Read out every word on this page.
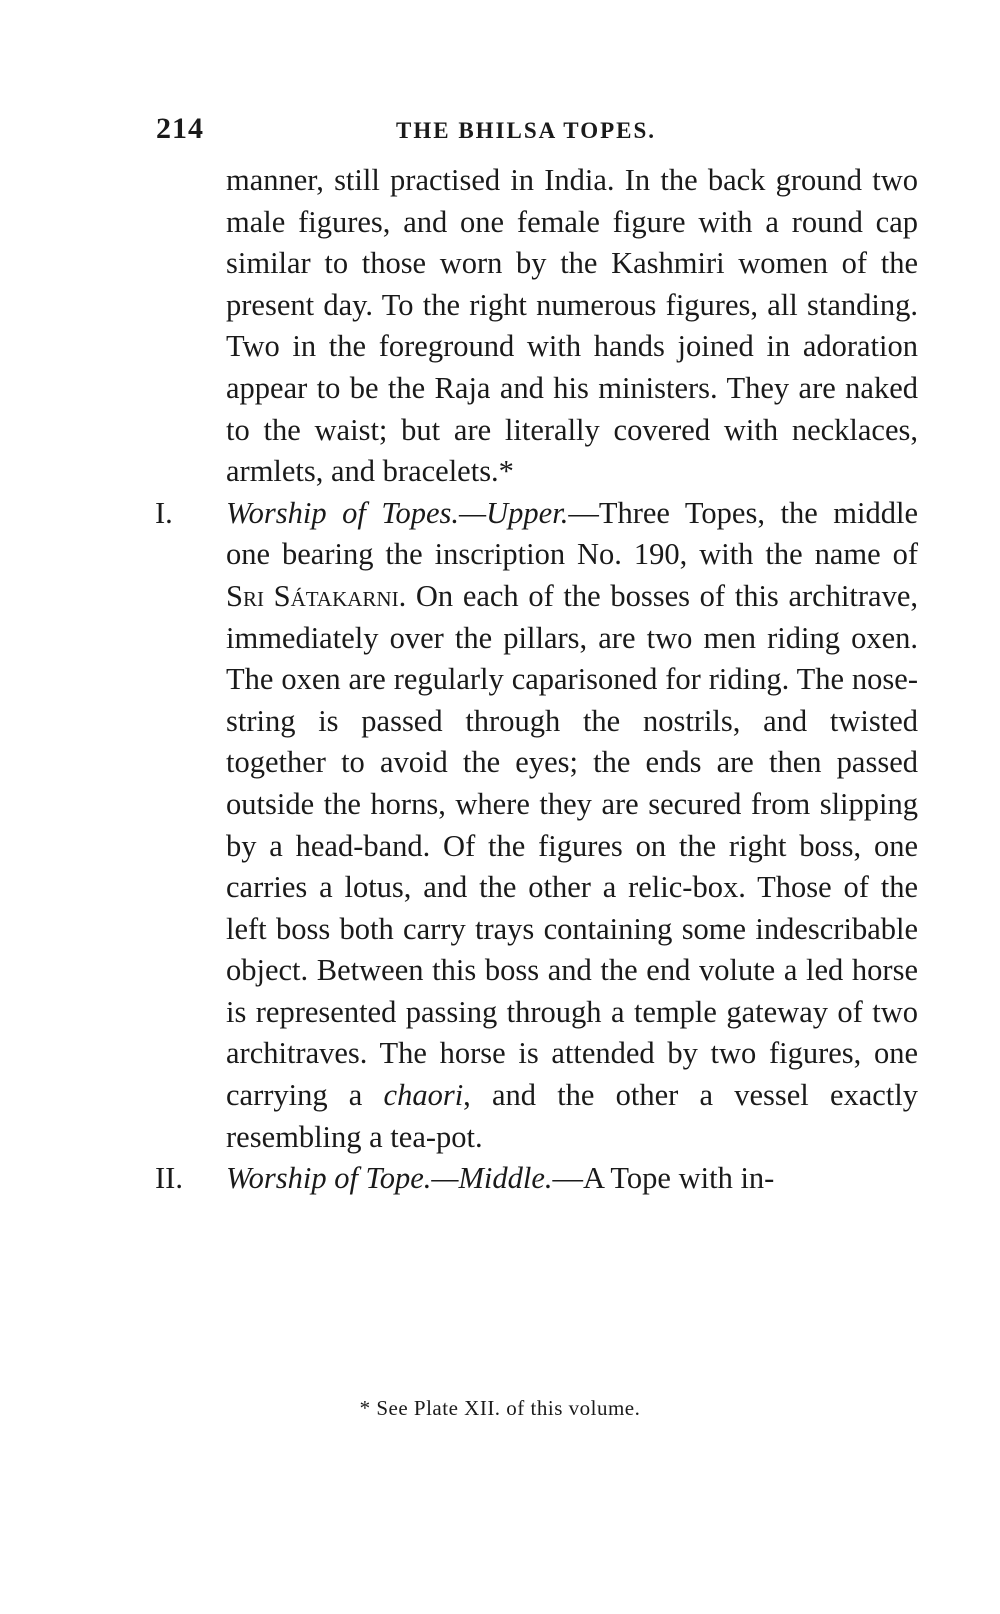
214	THE BHILSA TOPES.

manner, still practised in India. In the back ground two male figures, and one female figure with a round cap similar to those worn by the Kashmiri women of the present day. To the right numerous figures, all standing. Two in the foreground with hands joined in adoration appear to be the Raja and his ministers. They are naked to the waist; but are literally covered with necklaces, armlets, and bracelets.*

I. Worship of Topes.—Upper.—Three Topes, the middle one bearing the inscription No. 190, with the name of Sri Sátakarni. On each of the bosses of this architrave, immediately over the pillars, are two men riding oxen. The oxen are regularly caparisoned for riding. The nose-string is passed through the nostrils, and twisted together to avoid the eyes; the ends are then passed outside the horns, where they are secured from slipping by a head-band. Of the figures on the right boss, one carries a lotus, and the other a relic-box. Those of the left boss both carry trays containing some indescribable object. Between this boss and the end volute a led horse is represented passing through a temple gateway of two architraves. The horse is attended by two figures, one carrying a chaori, and the other a vessel exactly resembling a tea-pot.

II. Worship of Tope.—Middle.—A Tope with in-

* See Plate XII. of this volume.
